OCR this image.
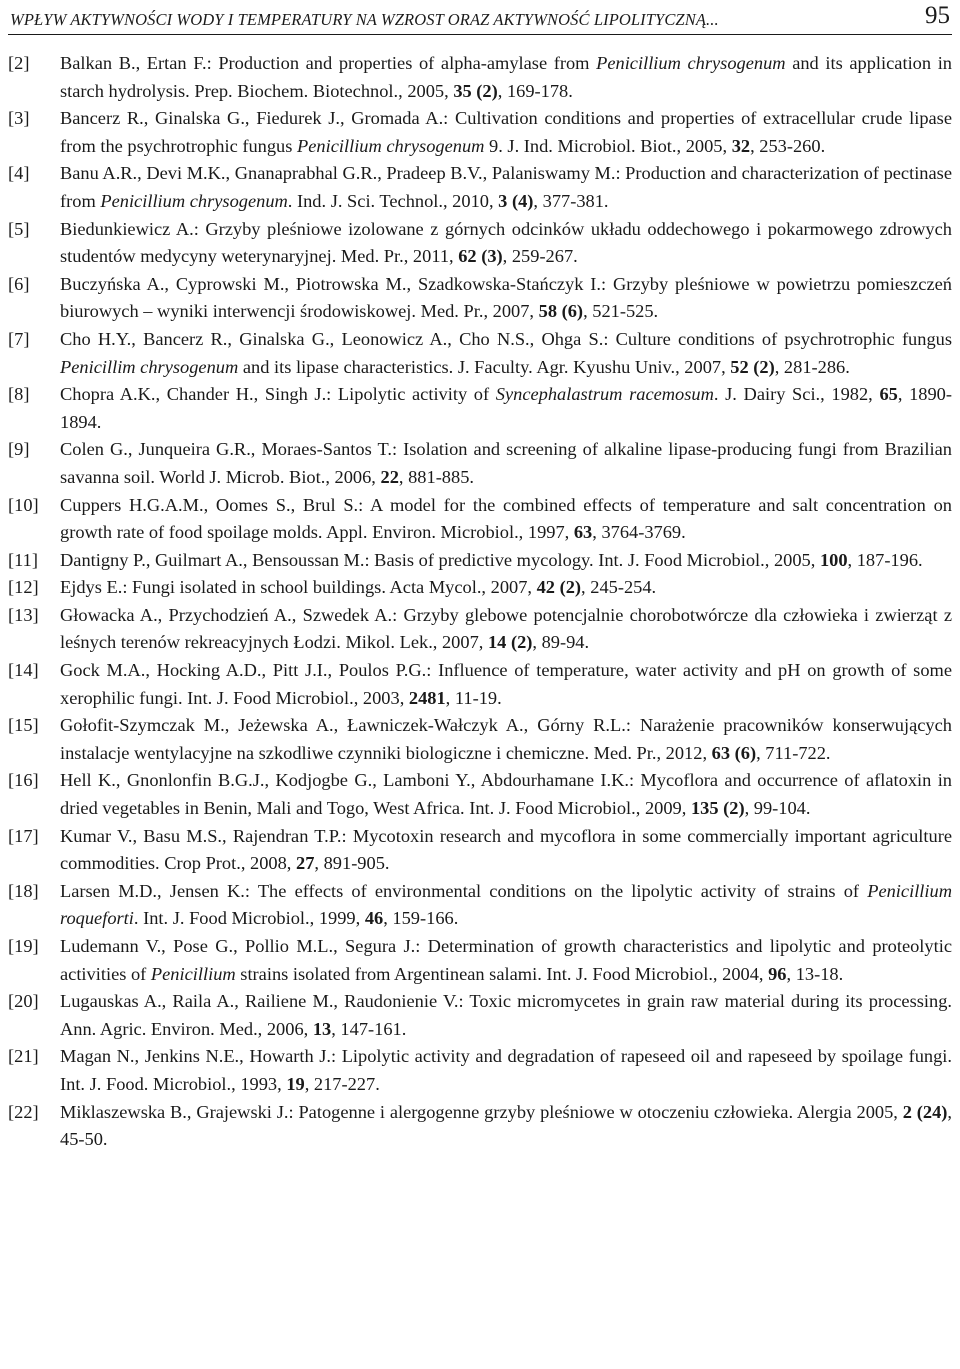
WPŁYW AKTYWNOŚCI WODY I TEMPERATURY NA WZROST ORAZ AKTYWNOŚĆ LIPOLITYCZNĄ...	95
[2]	Balkan B., Ertan F.: Production and properties of alpha-amylase from Penicillium chrysogenum and its application in starch hydrolysis. Prep. Biochem. Biotechnol., 2005, 35 (2), 169-178.
[3]	Bancerz R., Ginalska G., Fiedurek J., Gromada A.: Cultivation conditions and properties of extracellular crude lipase from the psychrotrophic fungus Penicillium chrysogenum 9. J. Ind. Microbiol. Biot., 2005, 32, 253-260.
[4]	Banu A.R., Devi M.K., Gnanaprabhal G.R., Pradeep B.V., Palaniswamy M.: Production and characterization of pectinase from Penicillium chrysogenum. Ind. J. Sci. Technol., 2010, 3 (4), 377-381.
[5]	Biedunkiewicz A.: Grzyby pleśniowe izolowane z górnych odcinków układu oddechowego i pokarmowego zdrowych studentów medycyny weterynaryjnej. Med. Pr., 2011, 62 (3), 259-267.
[6]	Buczyńska A., Cyprowski M., Piotrowska M., Szadkowska-Stańczyk I.: Grzyby pleśniowe w powietrzu pomieszczeń biurowych – wyniki interwencji środowiskowej. Med. Pr., 2007, 58 (6), 521-525.
[7]	Cho H.Y., Bancerz R., Ginalska G., Leonowicz A., Cho N.S., Ohga S.: Culture conditions of psychrotrophic fungus Penicillim chrysogenum and its lipase characteristics. J. Faculty. Agr. Kyushu Univ., 2007, 52 (2), 281-286.
[8]	Chopra A.K., Chander H., Singh J.: Lipolytic activity of Syncephalastrum racemosum. J. Dairy Sci., 1982, 65, 1890-1894.
[9]	Colen G., Junqueira G.R., Moraes-Santos T.: Isolation and screening of alkaline lipase-producing fungi from Brazilian savanna soil. World J. Microb. Biot., 2006, 22, 881-885.
[10]	Cuppers H.G.A.M., Oomes S., Brul S.: A model for the combined effects of temperature and salt concentration on growth rate of food spoilage molds. Appl. Environ. Microbiol., 1997, 63, 3764-3769.
[11]	Dantigny P., Guilmart A., Bensoussan M.: Basis of predictive mycology. Int. J. Food Microbiol., 2005, 100, 187-196.
[12]	Ejdys E.: Fungi isolated in school buildings. Acta Mycol., 2007, 42 (2), 245-254.
[13]	Głowacka A., Przychodzień A., Szwedek A.: Grzyby glebowe potencjalnie chorobotwórcze dla człowieka i zwierząt z leśnych terenów rekreacyjnych Łodzi. Mikol. Lek., 2007, 14 (2), 89-94.
[14]	Gock M.A., Hocking A.D., Pitt J.I., Poulos P.G.: Influence of temperature, water activity and pH on growth of some xerophilic fungi. Int. J. Food Microbiol., 2003, 2481, 11-19.
[15]	Gołofit-Szymczak M., Jeżewska A., Ławniczek-Wałczyk A., Górny R.L.: Narażenie pracowników konserwujących instalacje wentylacyjne na szkodliwe czynniki biologiczne i chemiczne. Med. Pr., 2012, 63 (6), 711-722.
[16]	Hell K., Gnonlonfin B.G.J., Kodjogbe G., Lamboni Y., Abdourhamane I.K.: Mycoflora and occurrence of aflatoxin in dried vegetables in Benin, Mali and Togo, West Africa. Int. J. Food Microbiol., 2009, 135 (2), 99-104.
[17]	Kumar V., Basu M.S., Rajendran T.P.: Mycotoxin research and mycoflora in some commercially important agriculture commodities. Crop Prot., 2008, 27, 891-905.
[18]	Larsen M.D., Jensen K.: The effects of environmental conditions on the lipolytic activity of strains of Penicillium roqueforti. Int. J. Food Microbiol., 1999, 46, 159-166.
[19]	Ludemann V., Pose G., Pollio M.L., Segura J.: Determination of growth characteristics and lipolytic and proteolytic activities of Penicillium strains isolated from Argentinean salami. Int. J. Food Microbiol., 2004, 96, 13-18.
[20]	Lugauskas A., Raila A., Railiene M., Raudonienie V.: Toxic micromycetes in grain raw material during its processing. Ann. Agric. Environ. Med., 2006, 13, 147-161.
[21]	Magan N., Jenkins N.E., Howarth J.: Lipolytic activity and degradation of rapeseed oil and rapeseed by spoilage fungi. Int. J. Food. Microbiol., 1993, 19, 217-227.
[22]	Miklaszewska B., Grajewski J.: Patogenne i alergogenne grzyby pleśniowe w otoczeniu człowieka. Alergia 2005, 2 (24), 45-50.
